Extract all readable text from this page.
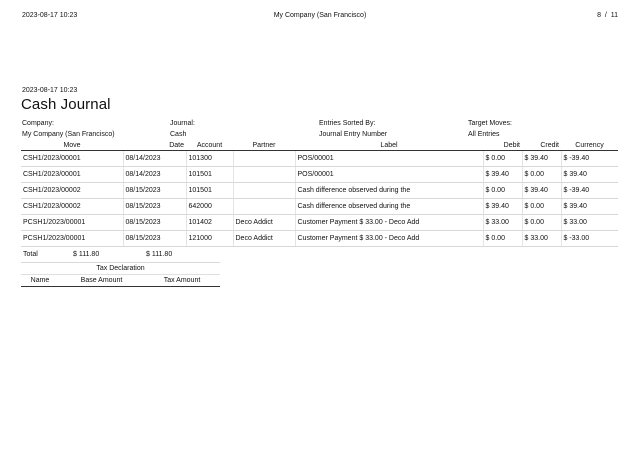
2023-08-17 10:23	My Company (San Francisco)	8 / 11
2023-08-17 10:23
Cash Journal
Company:
My Company (San Francisco)
Journal:
Cash
Entries Sorted By:
Journal Entry Number
Target Moves:
All Entries
Move	Date	Account	Partner	Label	Debit	Credit	Currency
CSH1/2023/00001	08/14/2023	101300		POS/00001	$ 0.00	$ 39.40	$ -39.40
CSH1/2023/00001	08/14/2023	101501		POS/00001	$ 39.40	$ 0.00	$ 39.40
CSH1/2023/00002	08/15/2023	101501		Cash difference observed during the	$ 0.00	$ 39.40	$ -39.40
CSH1/2023/00002	08/15/2023	642000		Cash difference observed during the	$ 39.40	$ 0.00	$ 39.40
PCSH1/2023/00001	08/15/2023	101402	Deco Addict	Customer Payment $ 33.00 - Deco Add	$ 33.00	$ 0.00	$ 33.00
PCSH1/2023/00001	08/15/2023	121000	Deco Addict	Customer Payment $ 33.00 - Deco Add	$ 0.00	$ 33.00	$ -33.00
Total	$ 111.80	$ 111.80
Tax Declaration
Name	Base Amount	Tax Amount
